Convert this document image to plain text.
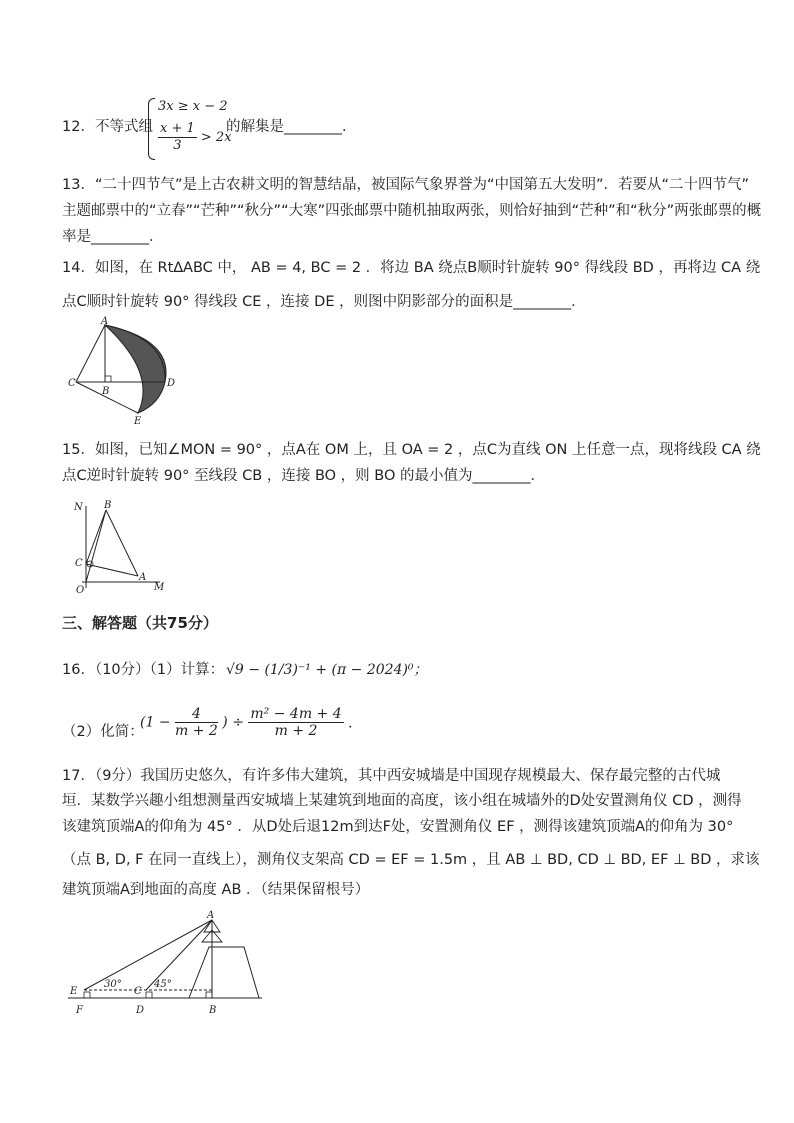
12．不等式组
3x ≥ x − 2
$\frac{x + 1}{3} > 2x$
的解集是________．
13．“二十四节气”是上古农耕文明的智慧结晶，被国际气象界誉为“中国第五大发明”．若要从“二十四节气”
主题邮票中的“立春”“芒种”“秋分”“大寒”四张邮票中随机抽取两张，则恰好抽到“芒种”和“秋分”两张邮票的概
率是________．
14．如图，在 Rt∆ABC 中， AB = 4, BC = 2 ．将边 BA 绕点B顺时针旋转 90° 得线段 BD ，再将边 CA 绕
点C顺时针旋转 90° 得线段 CE ，连接 DE ，则图中阴影部分的面积是________．
A
B
C	D
E
15．如图，已知∠MON = 90° ，点A在 OM 上，且 OA = 2 ，点C为直线 ON 上任意一点，现将线段 CA 绕
点C逆时针旋转 90° 至线段 CB ，连接 BO ，则 BO 的最小值为________．
N B
C
O
A
M
三、解答题（共75分）
16．（10分）（1）计算： √9 − (1/3)⁻¹ + (π − 2024)⁰；
（2）化简：
($1 - \frac{4}{m + 2}$ ) ÷ $\frac{\text{m² − 4m + 4}}{m + 2}$ ．
17．（9分）我国历史悠久，有许多伟大建筑，其中西安城墙是中国现存规模最大、保存最完整的古代城
垣．某数学兴趣小组想测量西安城墙上某建筑到地面的高度，该小组在城墙外的D处安置测角仪 CD ，测得
该建筑顶端A的仰角为 45° ．从D处后退12m到达F处，安置测角仪 EF ，测得该建筑顶端A的仰角为 30°
（点 B, D, F 在同一直线上），测角仪支架高 CD = EF = 1.5m ，且 AB ⊥ BD, CD ⊥ BD, EF ⊥ BD ，求该
建筑顶端A到地面的高度 AB ．（结果保留根号）
A
E
F
C
D	B
30°	45°
